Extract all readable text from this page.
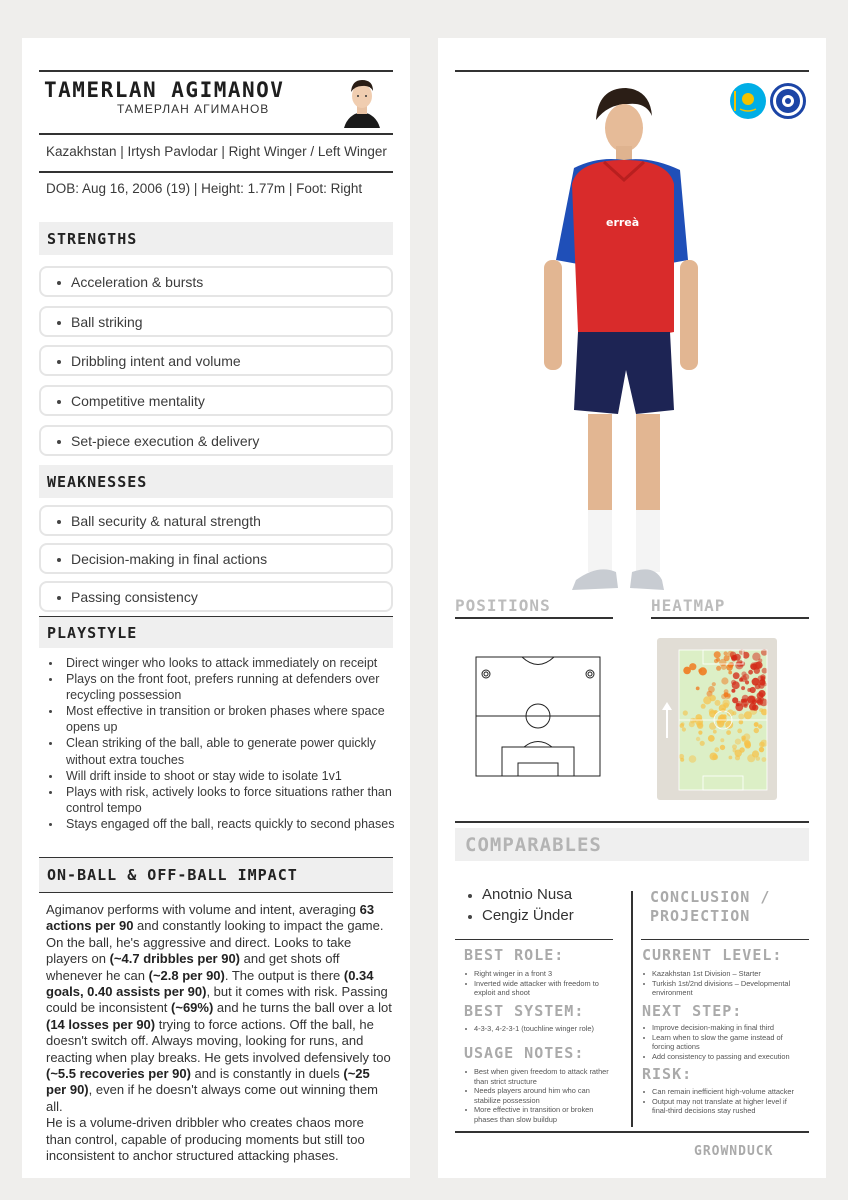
TAMERLAN AGIMANOV
ТАМЕРЛАН АГИМАНОВ
Kazakhstan | Irtysh Pavlodar | Right Winger / Left Winger
DOB: Aug 16, 2006 (19) | Height: 1.77m | Foot: Right
STRENGTHS
Acceleration & bursts
Ball striking
Dribbling intent and volume
Competitive mentality
Set-piece execution & delivery
WEAKNESSES
Ball security & natural strength
Decision-making in final actions
Passing consistency
PLAYSTYLE
Direct winger who looks to attack immediately on receipt
Plays on the front foot, prefers running at defenders over recycling possession
Most effective in transition or broken phases where space opens up
Clean striking of the ball, able to generate power quickly without extra touches
Will drift inside to shoot or stay wide to isolate 1v1
Plays with risk, actively looks to force situations rather than control tempo
Stays engaged off the ball, reacts quickly to second phases
ON-BALL & OFF-BALL IMPACT
Agimanov performs with volume and intent, averaging 63 actions per 90 and constantly looking to impact the game. On the ball, he's aggressive and direct. Looks to take players on (~4.7 dribbles per 90) and get shots off whenever he can (~2.8 per 90). The output is there (0.34 goals, 0.40 assists per 90), but it comes with risk. Passing could be inconsistent (~69%) and he turns the ball over a lot (14 losses per 90) trying to force actions. Off the ball, he doesn't switch off. Always moving, looking for runs, and reacting when play breaks. He gets involved defensively too (~5.5 recoveries per 90) and is constantly in duels (~25 per 90), even if he doesn't always come out winning them all.
He is a volume-driven dribbler who creates chaos more than control, capable of producing moments but still too inconsistent to anchor structured attacking phases.
erreà
POSITIONS	HEATMAP
COMPARABLES
Anotnio Nusa
Cengiz Ünder
CONCLUSION / PROJECTION
BEST ROLE:
Right winger in a front 3
Inverted wide attacker with freedom to exploit and shoot
BEST SYSTEM:
4-3-3, 4-2-3-1 (touchline winger role)
USAGE NOTES:
Best when given freedom to attack rather than strict structure
Needs players around him who can stabilize possession
More effective in transition or broken phases than slow buildup
CURRENT LEVEL:
Kazakhstan 1st Division – Starter
Turkish 1st/2nd divisions – Developmental environment
NEXT STEP:
Improve decision-making in final third
Learn when to slow the game instead of forcing actions
Add consistency to passing and execution
RISK:
Can remain inefficient high-volume attacker
Output may not translate at higher level if final-third decisions stay rushed
GROWNDUCK
